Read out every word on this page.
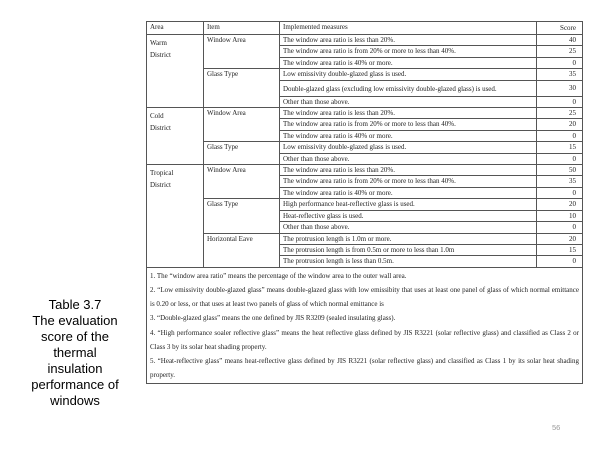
Table 3.7
The evaluation
score of the
thermal
insulation
performance of
windows
Area	Item	Implemented measures	Score

Warm
District	Window Area	The window area ratio is less than 20%.	40
		The window area ratio is from 20% or more to less than 40%.	25
		The window area ratio is 40% or more.	0
	Glass Type	Low emissivity double-glazed glass is used.	35
		Double-glazed glass (excluding low emissivity double-glazed glass) is used.	30

		Other than those above.	0

Cold
District	Window Area	The window area ratio is less than 20%.	25
		The window area ratio is from 20% or more to less than 40%.	20
		The window area ratio is 40% or more.	0
	Glass Type	Low emissivity double-glazed glass is used.	15
		Other than those above.	0

Tropical
District	Window Area	The window area ratio is less than 20%.	50
		The window area ratio is from 20% or more to less than 40%.	35
		The window area ratio is 40% or more.	0
	Glass Type	High performance heat-reflective glass is used.	20
		Heat-reflective glass is used.	10
		Other than those above.	0
	Horizontal Eave	The protrusion length is 1.0m or more.	20
		The protrusion length is from 0.5m or more to less than 1.0m	15
		The protrusion length is less than 0.5m.	0

1. The “window area ratio” means the percentage of the window area to the outer wall area.
2. “Low emissivity double-glazed glass” means double-glazed glass with low emissibity that uses at least one panel of glass of which normal emittance is 0.20 or less, or that uses at least two panels of glass of which normal emittance is
3. “Double-glazed glass” means the one defined by JIS R3209 (sealed insulating glass).
4. “High performance soaler reflective glass” means the heat reflective glass defined by JIS R3221 (solar reflective glass) and classified as Class 2 or Class 3 by its solar heat shading property.
5. “Heat-reflective glass” means heat-reflective glass defined by JIS R3221 (solar reflective glass) and classified as Class 1 by its solar heat shading property.			
56
